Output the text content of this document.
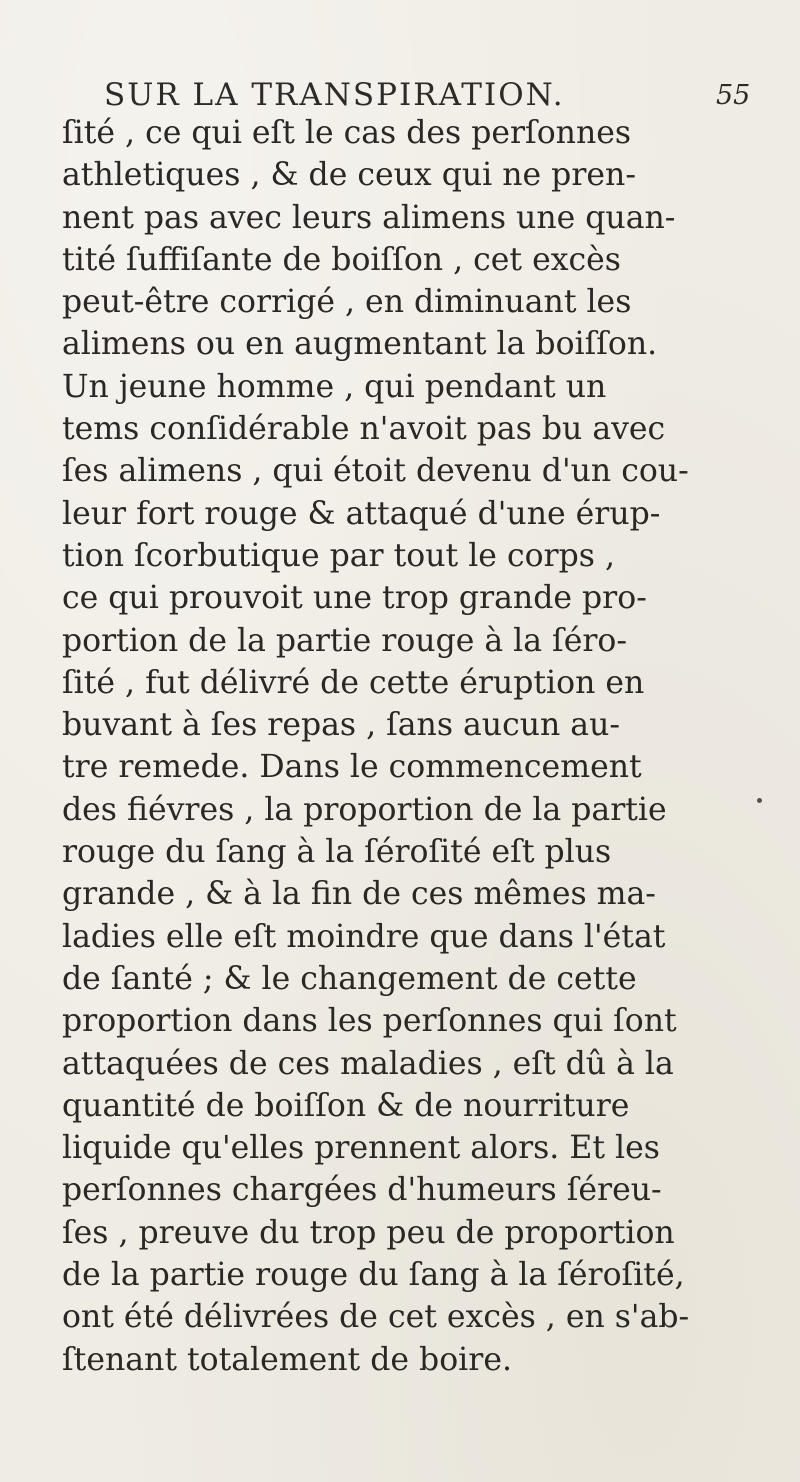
SUR LA TRANSPIRATION.	55
ſité , ce qui eſt le cas des perſonnes
athletiques , & de ceux qui ne pren-
nent pas avec leurs alimens une quan-
tité ſuffiſante de boiſſon , cet excès
peut-être corrigé , en diminuant les
alimens ou en augmentant la boiſſon.
Un jeune homme , qui pendant un
tems conſidérable n'avoit pas bu avec
ſes alimens , qui étoit devenu d'un cou-
leur fort rouge & attaqué d'une érup-
tion ſcorbutique par tout le corps ,
ce qui prouvoit une trop grande pro-
portion de la partie rouge à la ſéro-
ſité , fut délivré de cette éruption en
buvant à ſes repas , ſans aucun au-
tre remede. Dans le commencement
des fiévres , la proportion de la partie
rouge du ſang à la ſéroſité eſt plus
grande , & à la fin de ces mêmes ma-
ladies elle eſt moindre que dans l'état
de ſanté ; & le changement de cette
proportion dans les perſonnes qui ſont
attaquées de ces maladies , eſt dû à la
quantité de boiſſon & de nourriture
liquide qu'elles prennent alors. Et les
perſonnes chargées d'humeurs ſéreu-
ſes , preuve du trop peu de proportion
de la partie rouge du ſang à la ſéroſité,
ont été délivrées de cet excès , en s'ab-
ſtenant totalement de boire.
